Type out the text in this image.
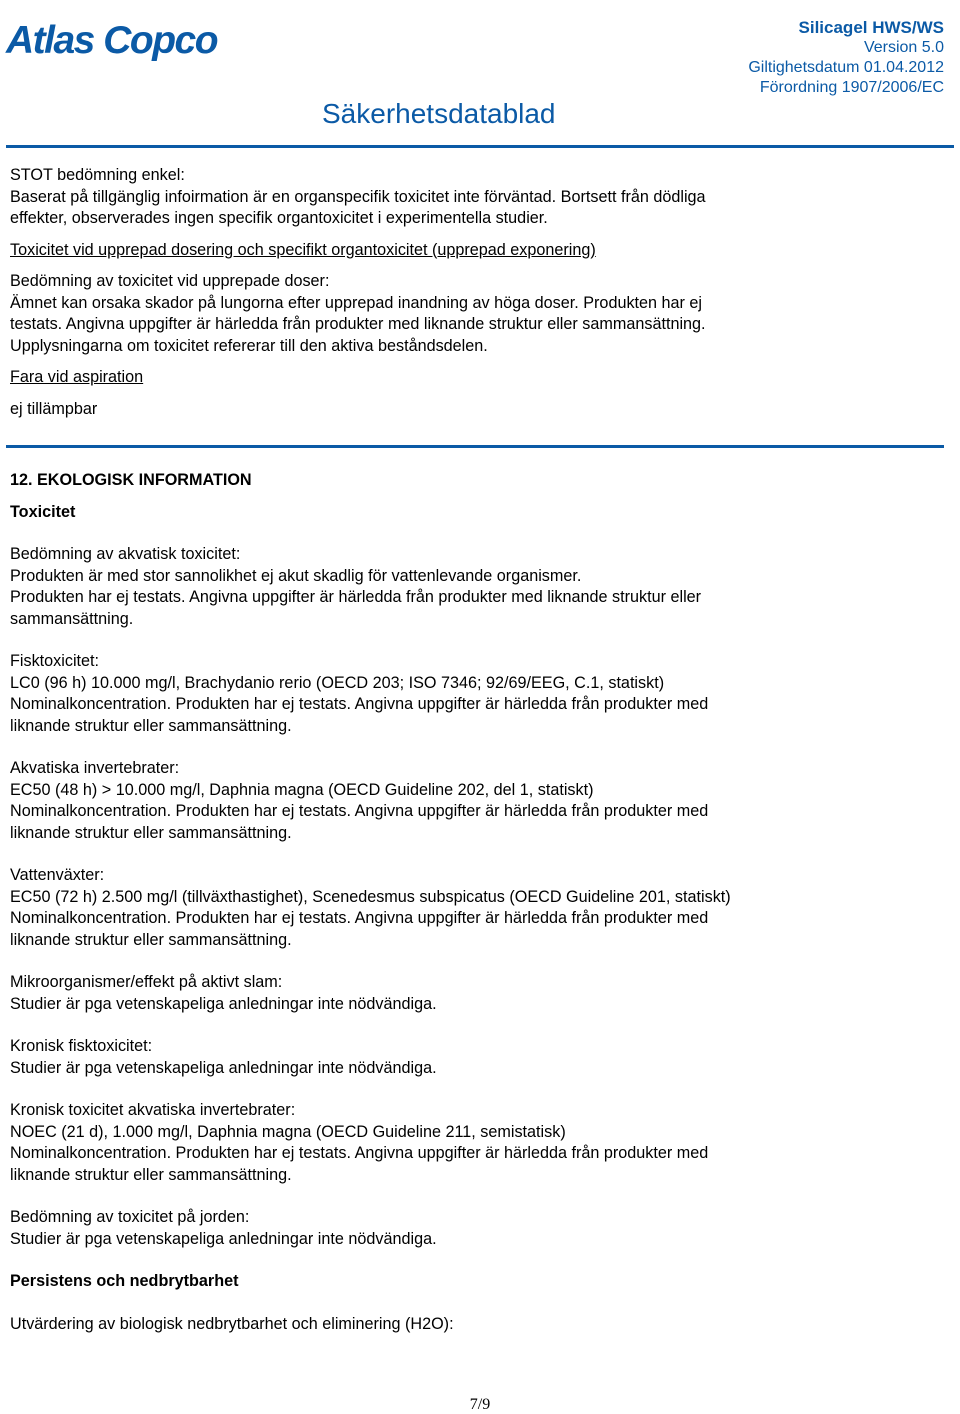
Atlas Copco
Säkerhetsdatablad
Silicagel HWS/WS
Version 5.0
Giltighetsdatum 01.04.2012
Förordning 1907/2006/EC

STOT bedömning enkel:

Baserat på tillgänglig infoirmation är en organspecifik toxicitet inte förväntad. Bortsett från dödliga

effekter, observerades ingen specifik organtoxicitet i experimentella studier.

Toxicitet vid upprepad dosering och specifikt organtoxicitet (upprepad exponering)

Bedömning av toxicitet vid upprepade doser:

Ämnet kan orsaka skador på lungorna efter upprepad inandning av höga doser. Produkten har ej

testats. Angivna uppgifter är härledda från produkter med liknande struktur eller sammansättning.

Upplysningarna om toxicitet refererar till den aktiva beståndsdelen.

Fara vid aspiration

ej tillämpbar

12. EKOLOGISK INFORMATION

Toxicitet

Bedömning av akvatisk toxicitet:

Produkten är med stor sannolikhet ej akut skadlig för vattenlevande organismer.

Produkten har ej testats. Angivna uppgifter är härledda från produkter med liknande struktur eller

sammansättning.

Fisktoxicitet:

LC0 (96 h) 10.000 mg/l, Brachydanio rerio (OECD 203; ISO 7346; 92/69/EEG, C.1, statiskt)

Nominalkoncentration. Produkten har ej testats. Angivna uppgifter är härledda från produkter med

liknande struktur eller sammansättning.

Akvatiska invertebrater:

EC50 (48 h) > 10.000 mg/l, Daphnia magna (OECD Guideline 202, del 1, statiskt)

Nominalkoncentration. Produkten har ej testats. Angivna uppgifter är härledda från produkter med

liknande struktur eller sammansättning.

Vattenväxter:

EC50 (72 h) 2.500 mg/l (tillväxthastighet), Scenedesmus subspicatus (OECD Guideline 201, statiskt)

Nominalkoncentration. Produkten har ej testats. Angivna uppgifter är härledda från produkter med

liknande struktur eller sammansättning.

Mikroorganismer/effekt på aktivt slam:

Studier är pga vetenskapeliga anledningar inte nödvändiga.

Kronisk fisktoxicitet:

Studier är pga vetenskapeliga anledningar inte nödvändiga.

Kronisk toxicitet akvatiska invertebrater:

NOEC (21 d), 1.000 mg/l, Daphnia magna (OECD Guideline 211, semistatisk)

Nominalkoncentration. Produkten har ej testats. Angivna uppgifter är härledda från produkter med

liknande struktur eller sammansättning.

Bedömning av toxicitet på jorden:

Studier är pga vetenskapeliga anledningar inte nödvändiga.

Persistens och nedbrytbarhet

Utvärdering av biologisk nedbrytbarhet och eliminering (H2O):

7/9
